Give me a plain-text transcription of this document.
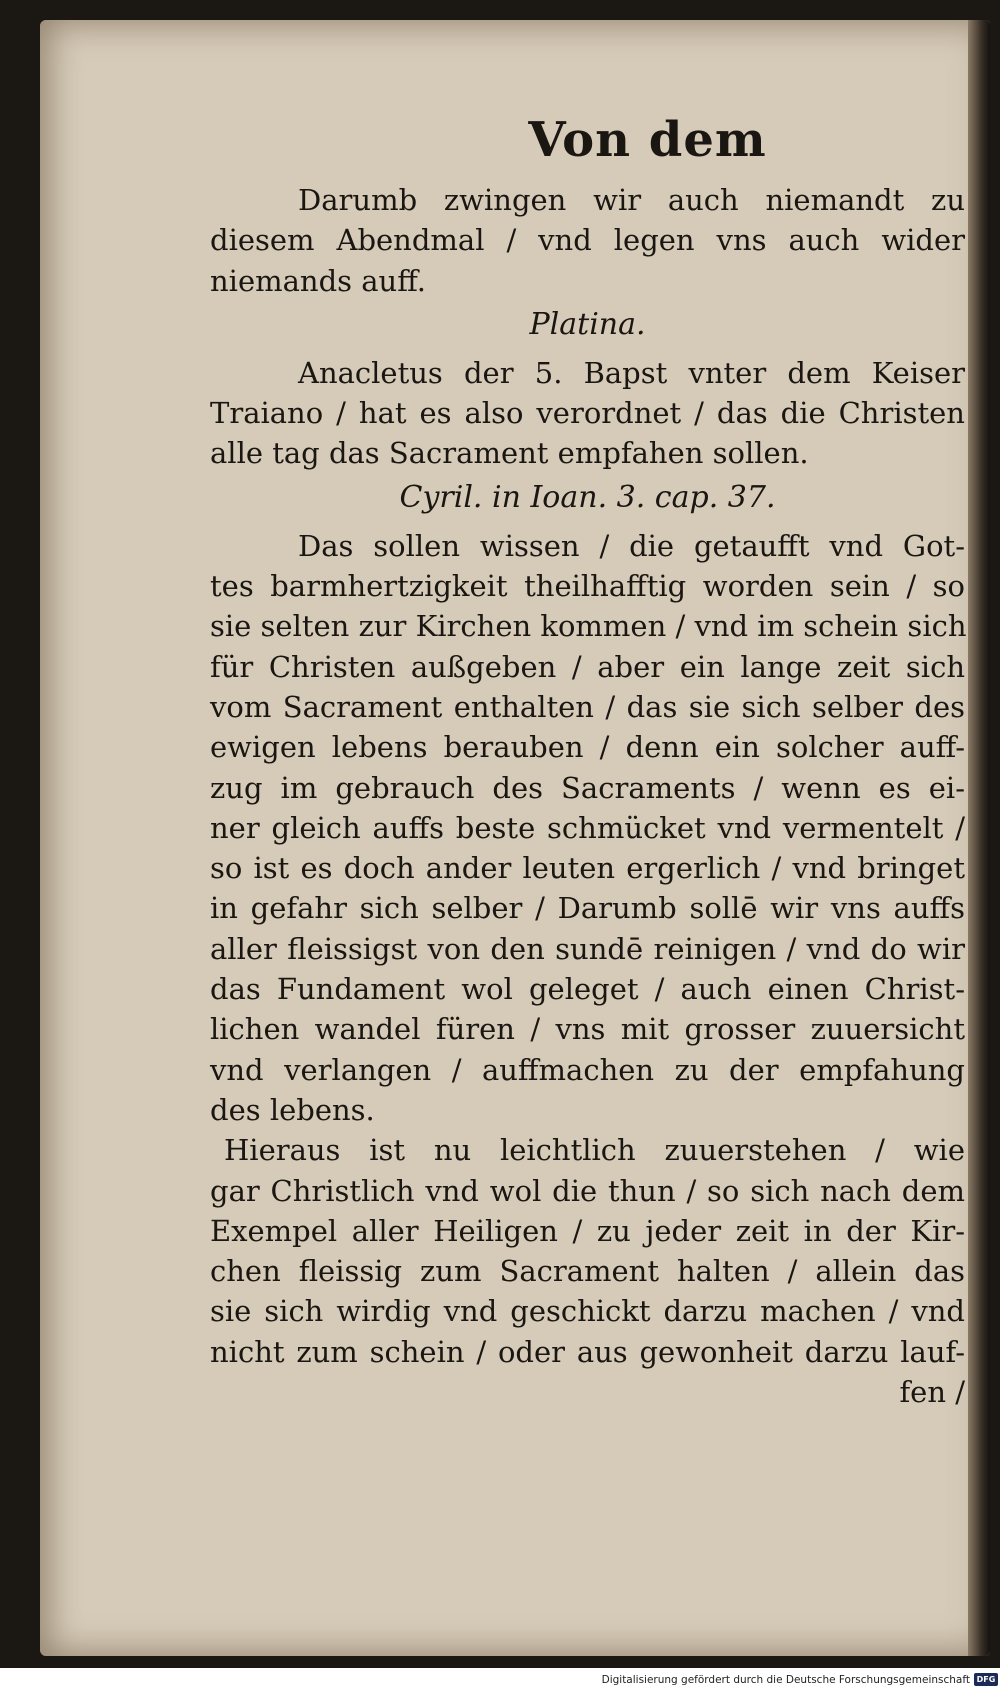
Von dem
Darumb zwingen wir auch niemandt zu
diesem Abendmal / vnd legen vns auch wider
niemands auff.
Platina.
Anacletus der 5. Bapst vnter dem Keiser
Traiano / hat es also verordnet / das die Christen
alle tag das Sacrament empfahen sollen.
Cyril. in Ioan. 3. cap. 37.
Das sollen wissen / die getaufft vnd Got-
tes barmhertzigkeit theilhafftig worden sein / so
sie selten zur Kirchen kommen / vnd im schein sich
für Christen außgeben / aber ein lange zeit sich
vom Sacrament enthalten / das sie sich selber des
ewigen lebens berauben / denn ein solcher auff-
zug im gebrauch des Sacraments / wenn es ei-
ner gleich auffs beste schmücket vnd vermentelt /
so ist es doch ander leuten ergerlich / vnd bringet
in gefahr sich selber / Darumb sollē wir vns auffs
aller fleissigst von den sundē reinigen / vnd do wir
das Fundament wol geleget / auch einen Christ-
lichen wandel füren / vns mit grosser zuuersicht
vnd verlangen / auffmachen zu der empfahung
des lebens.
Hieraus ist nu leichtlich zuuerstehen / wie
gar Christlich vnd wol die thun / so sich nach dem
Exempel aller Heiligen / zu jeder zeit in der Kir-
chen fleissig zum Sacrament halten / allein das
sie sich wirdig vnd geschickt darzu machen / vnd
nicht zum schein / oder aus gewonheit darzu lauf-
fen /
Digitalisierung gefördert durch die Deutsche Forschungsgemeinschaft DFG
